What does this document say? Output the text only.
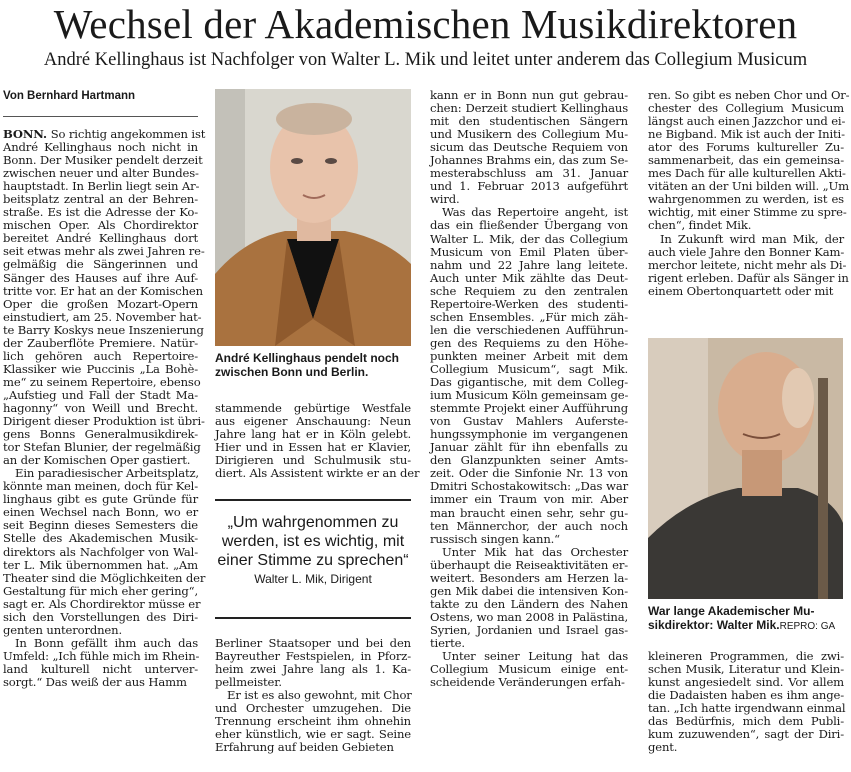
Wechsel der Akademischen Musikdirektoren
André Kellinghaus ist Nachfolger von Walter L. Mik und leitet unter anderem das Collegium Musicum
Von Bernhard Hartmann
BONN. So richtig angekommen ist
André Kellinghaus noch nicht in
Bonn. Der Musiker pendelt derzeit
zwischen neuer und alter Bundes-
hauptstadt. In Berlin liegt sein Ar-
beitsplatz zentral an der Behren-
straße. Es ist die Adresse der Ko-
mischen Oper. Als Chordirektor
bereitet André Kellinghaus dort
seit etwas mehr als zwei Jahren re-
gelmäßig die Sängerinnen und
Sänger des Hauses auf ihre Auf-
tritte vor. Er hat an der Komischen
Oper die großen Mozart-Opern
einstudiert, am 25. November hat-
te Barry Koskys neue Inszenierung
der Zauberflöte Premiere. Natür-
lich gehören auch Repertoire-
Klassiker wie Puccinis „La Bohè-
me“ zu seinem Repertoire, ebenso
„Aufstieg und Fall der Stadt Ma-
hagonny“ von Weill und Brecht.
Dirigent dieser Produktion ist übri-
gens Bonns Generalmusikdirek-
tor Stefan Blunier, der regelmäßig
an der Komischen Oper gastiert.
Ein paradiesischer Arbeitsplatz,
könnte man meinen, doch für Kel-
linghaus gibt es gute Gründe für
einen Wechsel nach Bonn, wo er
seit Beginn dieses Semesters die
Stelle des Akademischen Musik-
direktors als Nachfolger von Wal-
ter L. Mik übernommen hat. „Am
Theater sind die Möglichkeiten der
Gestaltung für mich eher gering“,
sagt er. Als Chordirektor müsse er
sich den Vorstellungen des Diri-
genten unterordnen.
In Bonn gefällt ihm auch das
Umfeld: „Ich fühle mich im Rhein-
land kulturell nicht unterver-
sorgt.“ Das weiß der aus Hamm
André Kellinghaus pendelt noch
zwischen Bonn und Berlin.
stammende gebürtige Westfale
aus eigener Anschauung: Neun
Jahre lang hat er in Köln gelebt.
Hier und in Essen hat er Klavier,
Dirigieren und Schulmusik stu-
diert. Als Assistent wirkte er an der
„Um wahrgenommen zu
werden, ist es wichtig, mit
einer Stimme zu sprechen“
Walter L. Mik, Dirigent
Berliner Staatsoper und bei den
Bayreuther Festspielen, in Pforz-
heim zwei Jahre lang als 1. Ka-
pellmeister.
Er ist es also gewohnt, mit Chor
und Orchester umzugehen. Die
Trennung erscheint ihm ohnehin
eher künstlich, wie er sagt. Seine
Erfahrung auf beiden Gebieten
kann er in Bonn nun gut gebrau-
chen: Derzeit studiert Kellinghaus
mit den studentischen Sängern
und Musikern des Collegium Mu-
sicum das Deutsche Requiem von
Johannes Brahms ein, das zum Se-
mesterabschluss am 31. Januar
und 1. Februar 2013 aufgeführt
wird.
Was das Repertoire angeht, ist
das ein fließender Übergang von
Walter L. Mik, der das Collegium
Musicum von Emil Platen über-
nahm und 22 Jahre lang leitete.
Auch unter Mik zählte das Deut-
sche Requiem zu den zentralen
Repertoire-Werken des studenti-
schen Ensembles. „Für mich zäh-
len die verschiedenen Aufführun-
gen des Requiems zu den Höhe-
punkten meiner Arbeit mit dem
Collegium Musicum“, sagt Mik.
Das gigantische, mit dem Colleg-
ium Musicum Köln gemeinsam ge-
stemmte Projekt einer Aufführung
von Gustav Mahlers Auferste-
hungssymphonie im vergangenen
Januar zählt für ihn ebenfalls zu
den Glanzpunkten seiner Amts-
zeit. Oder die Sinfonie Nr. 13 von
Dmitri Schostakowitsch: „Das war
immer ein Traum von mir. Aber
man braucht einen sehr, sehr gu-
ten Männerchor, der auch noch
russisch singen kann.“
Unter Mik hat das Orchester
überhaupt die Reiseaktivitäten er-
weitert. Besonders am Herzen la-
gen Mik dabei die intensiven Kon-
takte zu den Ländern des Nahen
Ostens, wo man 2008 in Palästina,
Syrien, Jordanien und Israel gas-
tierte.
Unter seiner Leitung hat das
Collegium Musicum einige ent-
scheidende Veränderungen erfah-
ren. So gibt es neben Chor und Or-
chester des Collegium Musicum
längst auch einen Jazzchor und ei-
ne Bigband. Mik ist auch der Initi-
ator des Forums kultureller Zu-
sammenarbeit, das ein gemeinsa-
mes Dach für alle kulturellen Akti-
vitäten an der Uni bilden will. „Um
wahrgenommen zu werden, ist es
wichtig, mit einer Stimme zu spre-
chen“, findet Mik.
In Zukunft wird man Mik, der
auch viele Jahre den Bonner Kam-
merchor leitete, nicht mehr als Di-
rigent erleben. Dafür als Sänger in
einem Obertonquartett oder mit
War lange Akademischer Mu-
sikdirektor: Walter Mik.REPRO: GA
kleineren Programmen, die zwi-
schen Musik, Literatur und Klein-
kunst angesiedelt sind. Vor allem
die Dadaisten haben es ihm ange-
tan. „Ich hatte irgendwann einmal
das Bedürfnis, mich dem Publi-
kum zuzuwenden“, sagt der Diri-
gent.
